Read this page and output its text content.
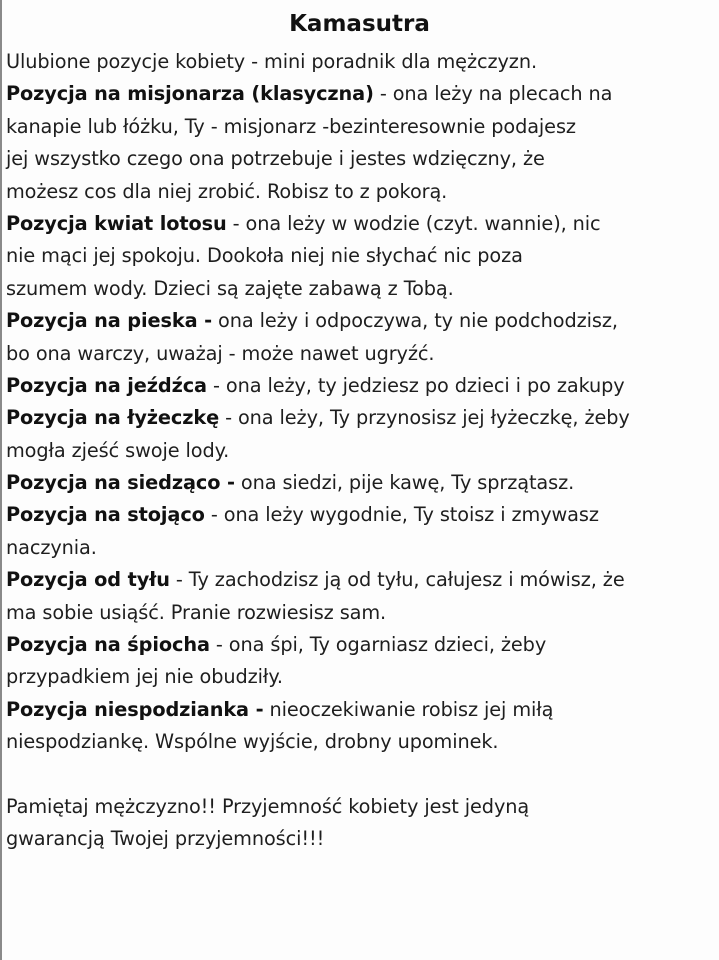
Kamasutra
Ulubione pozycje kobiety - mini poradnik dla mężczyzn.
Pozycja na misjonarza (klasyczna) - ona leży na plecach na
kanapie lub łóżku, Ty - misjonarz -bezinteresownie podajesz
jej wszystko czego ona potrzebuje i jestes wdzięczny, że
możesz cos dla niej zrobić. Robisz to z pokorą.
Pozycja kwiat lotosu - ona leży w wodzie (czyt. wannie), nic
nie mąci jej spokoju. Dookoła niej nie słychać nic poza
szumem wody. Dzieci są zajęte zabawą z Tobą.
Pozycja na pieska - ona leży i odpoczywa, ty nie podchodzisz,
bo ona warczy, uważaj - może nawet ugryźć.
Pozycja na jeźdźca - ona leży, ty jedziesz po dzieci i po zakupy
Pozycja na łyżeczkę - ona leży, Ty przynosisz jej łyżeczkę, żeby
mogła zjeść swoje lody.
Pozycja na siedząco - ona siedzi, pije kawę, Ty sprzątasz.
Pozycja na stojąco - ona leży wygodnie, Ty stoisz i zmywasz
naczynia.
Pozycja od tyłu - Ty zachodzisz ją od tyłu, całujesz i mówisz, że
ma sobie usiąść. Pranie rozwiesisz sam.
Pozycja na śpiocha - ona śpi, Ty ogarniasz dzieci, żeby
przypadkiem jej nie obudziły.
Pozycja niespodzianka - nieoczekiwanie robisz jej miłą
niespodziankę. Wspólne wyjście, drobny upominek.
Pamiętaj mężczyzno!! Przyjemność kobiety jest jedyną
gwarancją Twojej przyjemności!!!
